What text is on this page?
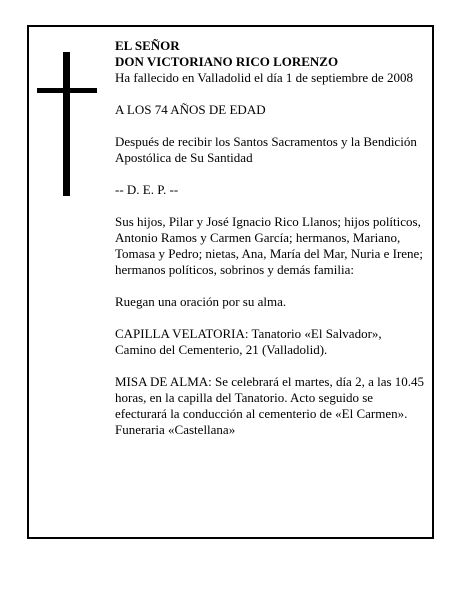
EL SEÑOR

DON VICTORIANO RICO LORENZO

Ha fallecido en Valladolid el día 1 de septiembre de 2008

A LOS 74 AÑOS DE EDAD

Después de recibir los Santos Sacramentos y la Bendición Apostólica de Su Santidad

-- D. E. P. --

Sus hijos, Pilar y José Ignacio Rico Llanos; hijos políticos, Antonio Ramos y Carmen García; hermanos, Mariano, Tomasa y Pedro; nietas, Ana, María del Mar, Nuria e Irene; hermanos políticos, sobrinos y demás familia:

Ruegan una oración por su alma.

CAPILLA VELATORIA: Tanatorio «El Salvador», Camino del Cementerio, 21 (Valladolid).

MISA DE ALMA: Se celebrará el martes, día 2, a las 10.45 horas, en la capilla del Tanatorio. Acto seguido se efecturará la conducción al cementerio de «El Carmen». Funeraria «Castellana»
